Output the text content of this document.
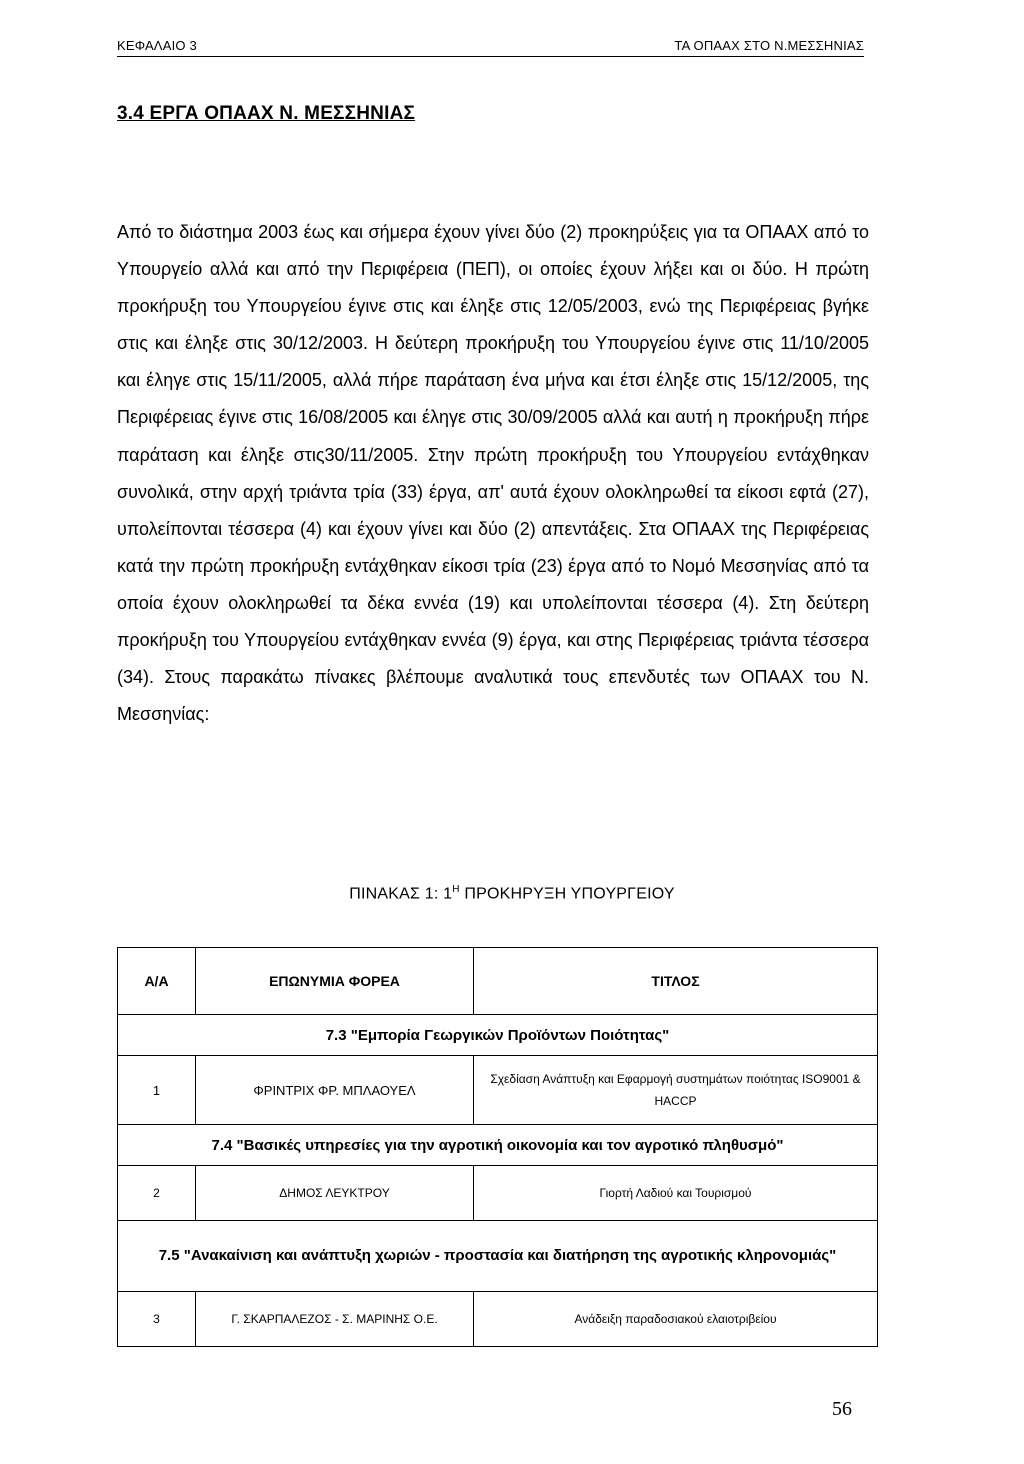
ΚΕΦΑΛΑΙΟ 3	ΤΑ ΟΠΑΑΧ ΣΤΟ Ν.ΜΕΣΣΗΝΙΑΣ
3.4 ΕΡΓΑ ΟΠΑΑΧ Ν. ΜΕΣΣΗΝΙΑΣ

Από το διάστημα 2003 έως και σήμερα έχουν γίνει δύο (2) προκηρύξεις για τα ΟΠΑΑΧ από το Υπουργείο αλλά και από την Περιφέρεια (ΠΕΠ), οι οποίες έχουν λήξει και οι δύο. Η πρώτη προκήρυξη του Υπουργείου έγινε στις και έληξε στις 12/05/2003, ενώ της Περιφέρειας βγήκε στις και έληξε στις 30/12/2003. Η δεύτερη προκήρυξη του Υπουργείου έγινε στις 11/10/2005 και έληγε στις 15/11/2005, αλλά πήρε παράταση ένα μήνα και έτσι έληξε στις 15/12/2005, της Περιφέρειας έγινε στις 16/08/2005 και έληγε στις 30/09/2005 αλλά και αυτή η προκήρυξη πήρε παράταση και έληξε στις30/11/2005. Στην πρώτη προκήρυξη του Υπουργείου εντάχθηκαν συνολικά, στην αρχή τριάντα τρία (33) έργα, απ' αυτά έχουν ολοκληρωθεί τα είκοσι εφτά (27), υπολείπονται τέσσερα (4) και έχουν γίνει και δύο (2) απεντάξεις. Στα ΟΠΑΑΧ της Περιφέρειας κατά την πρώτη προκήρυξη εντάχθηκαν είκοσι τρία (23) έργα από το Νομό Μεσσηνίας από τα οποία έχουν ολοκληρωθεί τα δέκα εννέα (19) και υπολείπονται τέσσερα (4). Στη δεύτερη προκήρυξη του Υπουργείου εντάχθηκαν εννέα (9) έργα, και στης Περιφέρειας τριάντα τέσσερα (34). Στους παρακάτω πίνακες βλέπουμε αναλυτικά τους επενδυτές των ΟΠΑΑΧ του Ν. Μεσσηνίας:

ΠΙΝΑΚΑΣ 1: $1^H$ ΠΡΟΚΗΡΥΞΗ ΥΠΟΥΡΓΕΙΟΥ
Α/Α	ΕΠΩΝΥΜΙΑ ΦΟΡΕΑ	ΤΙΤΛΟΣ
7.3 "Εμπορία Γεωργικών Προϊόντων Ποιότητας"		
1	ΦΡΙΝΤΡΙΧ ΦΡ. ΜΠΛΑΟΥΕΛ	Σχεδίαση Ανάπτυξη και Εφαρμογή συστημάτων ποιότητας ISO9001 & HACCP
7.4 "Βασικές υπηρεσίες για την αγροτική οικονομία και τον αγροτικό πληθυσμό"		
2	ΔΗΜΟΣ ΛΕΥΚΤΡΟΥ	Γιορτή Λαδιού και Τουρισμού
7.5 "Ανακαίνιση και ανάπτυξη χωριών - προστασία και διατήρηση της αγροτικής κληρονομιάς"		
3	Γ. ΣΚΑΡΠΑΛΕΖΟΣ - Σ. ΜΑΡΙΝΗΣ Ο.Ε.	Ανάδειξη παραδοσιακού ελαιοτριβείου
56
